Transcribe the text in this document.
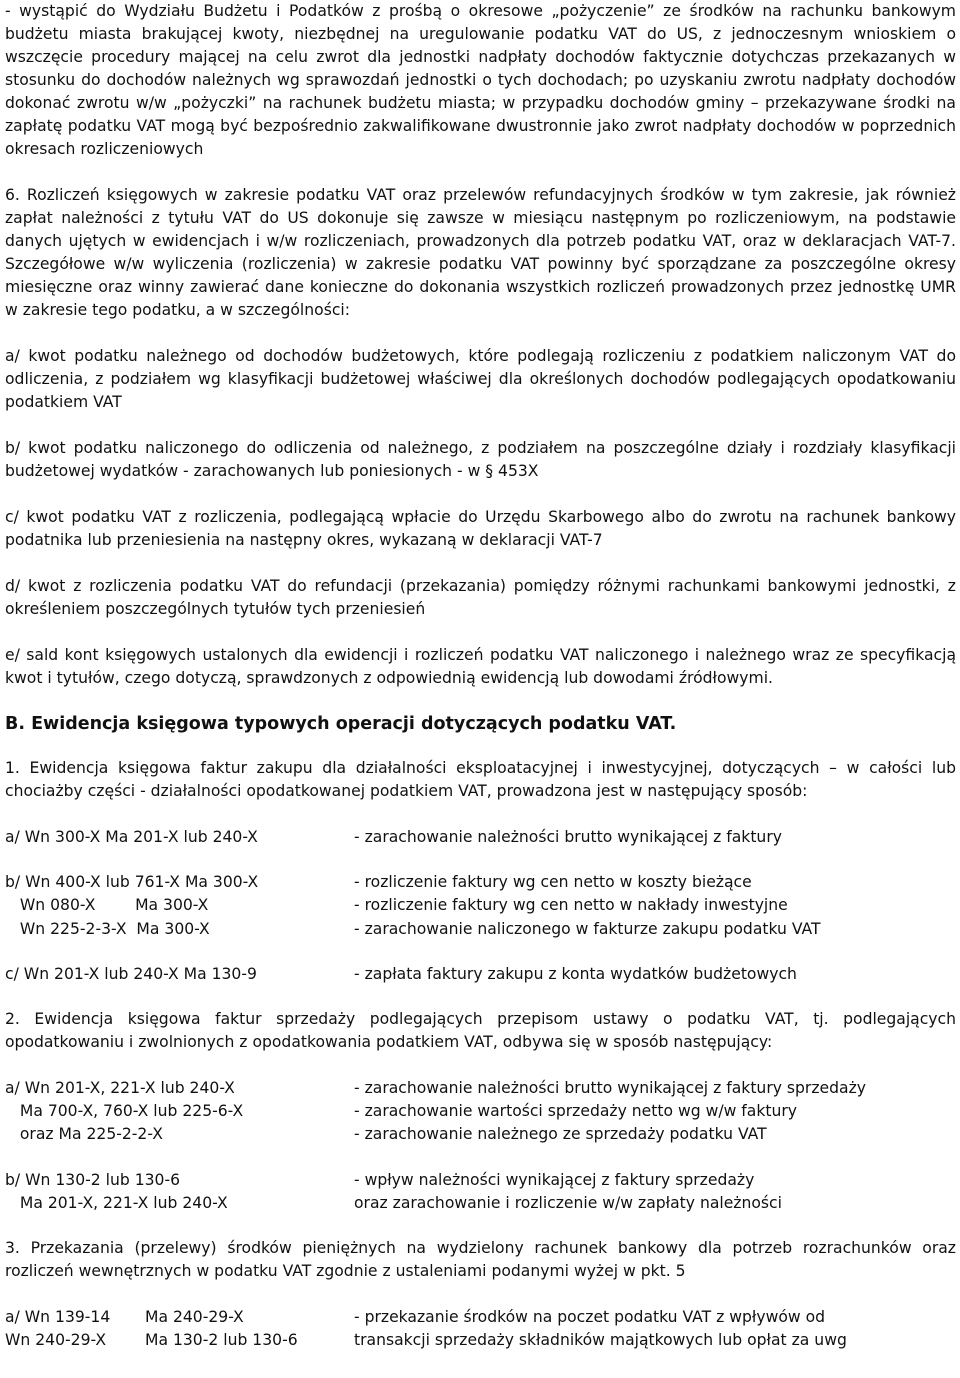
- wystąpić do Wydziału Budżetu i Podatków z prośbą o okresowe „pożyczenie” ze środków na rachunku bankowym budżetu miasta brakującej kwoty, niezbędnej na uregulowanie podatku VAT do US, z jednoczesnym wnioskiem o wszczęcie procedury mającej na celu zwrot dla jednostki nadpłaty dochodów faktycznie dotychczas przekazanych w stosunku do dochodów należnych wg sprawozdań jednostki o tych dochodach; po uzyskaniu zwrotu nadpłaty dochodów dokonać zwrotu w/w „pożyczki” na rachunek budżetu miasta; w przypadku dochodów gminy – przekazywane środki na zapłatę podatku VAT mogą być bezpośrednio zakwalifikowane dwustronnie jako zwrot nadpłaty dochodów w poprzednich okresach rozliczeniowych

6. Rozliczeń księgowych w zakresie podatku VAT oraz przelewów refundacyjnych środków w tym zakresie, jak również zapłat należności z tytułu VAT do US dokonuje się zawsze w miesiącu następnym po rozliczeniowym, na podstawie danych ujętych w ewidencjach i w/w rozliczeniach, prowadzonych dla potrzeb podatku VAT, oraz w deklaracjach VAT-7. Szczegółowe w/w wyliczenia (rozliczenia) w zakresie podatku VAT powinny być sporządzane za poszczególne okresy miesięczne oraz winny zawierać dane konieczne do dokonania wszystkich rozliczeń prowadzonych przez jednostkę UMR w zakresie tego podatku, a w szczególności:

a/ kwot podatku należnego od dochodów budżetowych, które podlegają rozliczeniu z podatkiem naliczonym VAT do odliczenia, z podziałem wg klasyfikacji budżetowej właściwej dla określonych dochodów podlegających opodatkowaniu podatkiem VAT

b/ kwot podatku naliczonego do odliczenia od należnego, z podziałem na poszczególne działy i rozdziały klasyfikacji budżetowej wydatków - zarachowanych lub poniesionych - w § 453X

c/ kwot podatku VAT z rozliczenia, podlegającą wpłacie do Urzędu Skarbowego albo do zwrotu na rachunek bankowy podatnika lub przeniesienia na następny okres, wykazaną w deklaracji VAT-7

d/ kwot z rozliczenia podatku VAT do refundacji (przekazania) pomiędzy różnymi rachunkami bankowymi jednostki, z określeniem poszczególnych tytułów tych przeniesień

e/ sald kont księgowych ustalonych dla ewidencji i rozliczeń podatku VAT naliczonego i należnego wraz ze specyfikacją kwot i tytułów, czego dotyczą, sprawdzonych z odpowiednią ewidencją lub dowodami źródłowymi.

B. Ewidencja księgowa typowych operacji dotyczących podatku VAT.

1. Ewidencja księgowa faktur zakupu dla działalności eksploatacyjnej i inwestycyjnej, dotyczących – w całości lub chociażby części - działalności opodatkowanej podatkiem VAT, prowadzona jest w następujący sposób:

a/ Wn 300-X Ma 201-X lub 240-X	- zarachowanie należności brutto wynikającej z faktury
b/ Wn 400-X lub 761-X Ma 300-X	- rozliczenie faktury wg cen netto w koszty bieżące
Wn 080-X        Ma 300-X	- rozliczenie faktury wg cen netto w nakłady inwestyjne
Wn 225-2-3-X  Ma 300-X	- zarachowanie naliczonego w fakturze zakupu podatku VAT
c/ Wn 201-X lub 240-X Ma 130-9	- zapłata faktury zakupu z konta wydatków budżetowych

2. Ewidencja księgowa faktur sprzedaży podlegających przepisom ustawy o podatku VAT, tj. podlegających opodatkowaniu i zwolnionych z opodatkowania podatkiem VAT, odbywa się w sposób następujący:

a/ Wn 201-X, 221-X lub 240-X	- zarachowanie należności brutto wynikającej z faktury sprzedaży
Ma 700-X, 760-X lub 225-6-X	- zarachowanie wartości sprzedaży netto wg w/w faktury
oraz Ma 225-2-2-X	- zarachowanie należnego ze sprzedaży podatku VAT
b/ Wn 130-2 lub 130-6	- wpływ należności wynikającej z faktury sprzedaży
Ma 201-X, 221-X lub 240-X	oraz zarachowanie i rozliczenie w/w zapłaty należności

3. Przekazania (przelewy) środków pieniężnych na wydzielony rachunek bankowy dla potrzeb rozrachunków oraz rozliczeń wewnętrznych w podatku VAT zgodnie z ustaleniami podanymi wyżej w pkt. 5

a/ Wn 139-14 Ma 240-29-X	- przekazanie środków na poczet podatku VAT z wpływów od
Wn 240-29-X Ma 130-2 lub 130-6	transakcji sprzedaży składników majątkowych lub opłat za uwg
